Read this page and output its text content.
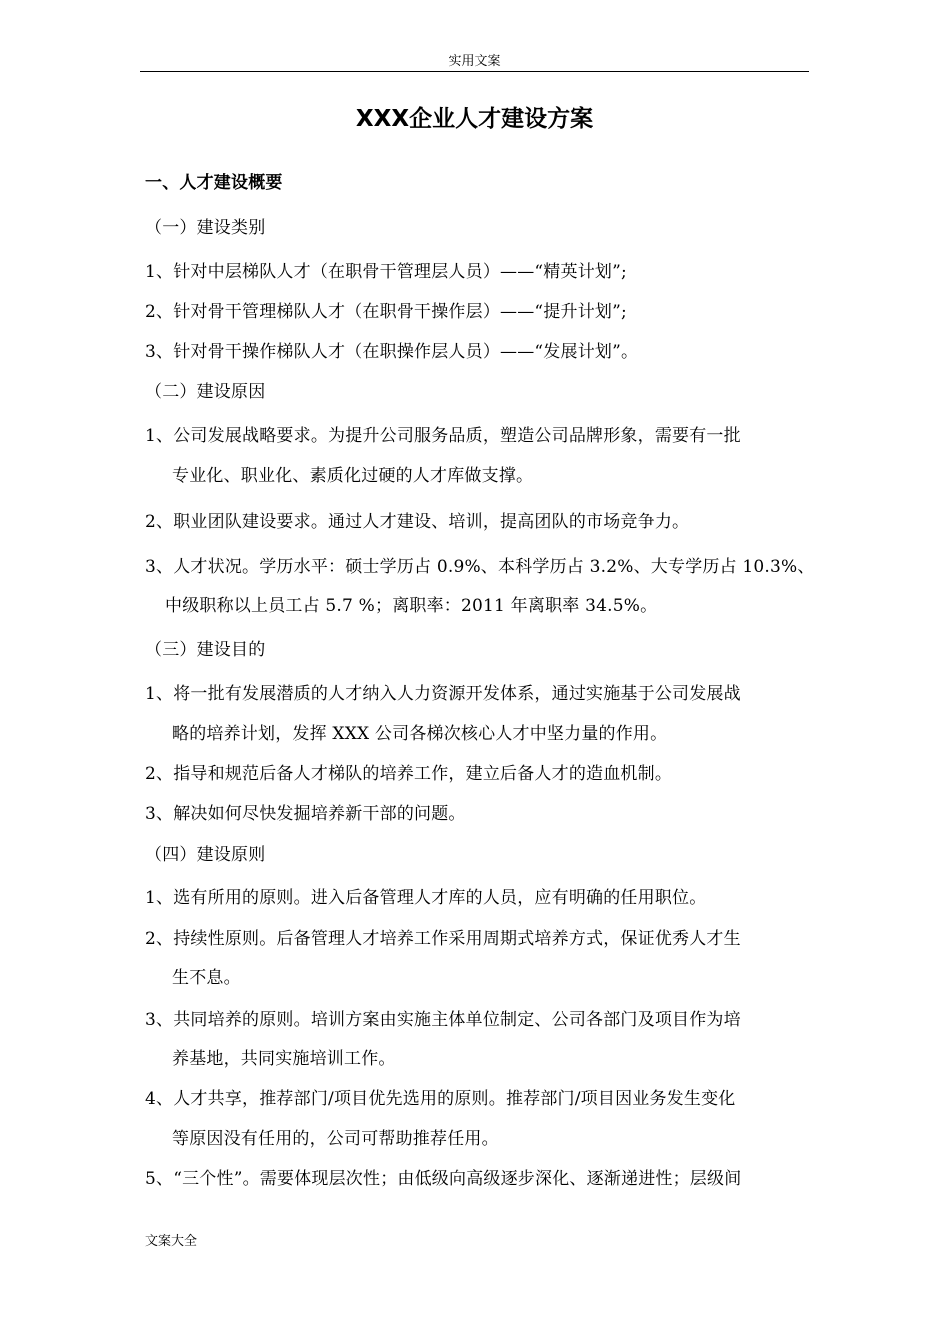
实用文案
XXX企业人才建设方案
一、人才建设概要
（一）建设类别
1、针对中层梯队人才（在职骨干管理层人员）——“精英计划”;
2、针对骨干管理梯队人才（在职骨干操作层）——“提升计划”;
3、针对骨干操作梯队人才（在职操作层人员）——“发展计划”。
（二）建设原因
1、公司发展战略要求。为提升公司服务品质，塑造公司品牌形象，需要有一批
专业化、职业化、素质化过硬的人才库做支撑。
2、职业团队建设要求。通过人才建设、培训，提高团队的市场竞争力。
3、人才状况。学历水平：硕士学历占 0.9%、本科学历占 3.2%、大专学历占 10.3%、
中级职称以上员工占 5.7 %；离职率：2011 年离职率 34.5%。
（三）建设目的
1、将一批有发展潜质的人才纳入人力资源开发体系，通过实施基于公司发展战
略的培养计划，发挥 XXX 公司各梯次核心人才中坚力量的作用。
2、指导和规范后备人才梯队的培养工作，建立后备人才的造血机制。
3、解决如何尽快发掘培养新干部的问题。
（四）建设原则
1、选有所用的原则。进入后备管理人才库的人员，应有明确的任用职位。
2、持续性原则。后备管理人才培养工作采用周期式培养方式，保证优秀人才生
生不息。
3、共同培养的原则。培训方案由实施主体单位制定、公司各部门及项目作为培
养基地，共同实施培训工作。
4、人才共享，推荐部门/项目优先选用的原则。推荐部门/项目因业务发生变化
等原因没有任用的，公司可帮助推荐任用。
5、“三个性”。需要体现层次性；由低级向高级逐步深化、逐渐递进性；层级间
文案大全
